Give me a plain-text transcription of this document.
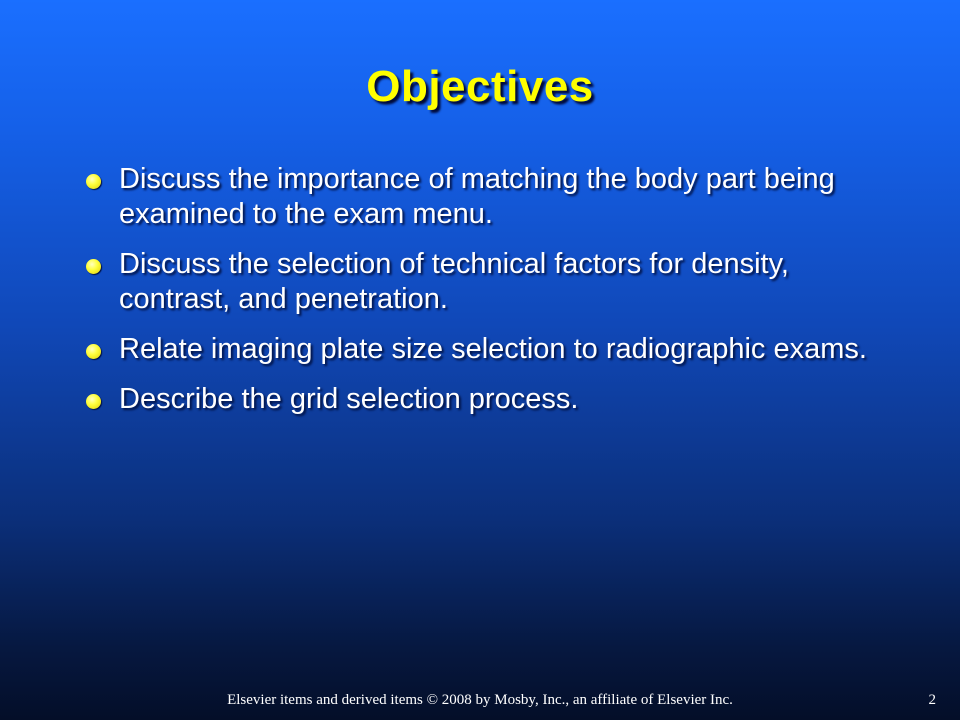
Objectives
Discuss the importance of matching the body part being examined to the exam menu.
Discuss the selection of technical factors for density, contrast, and penetration.
Relate imaging plate size selection to radiographic exams.
Describe the grid selection process.
Elsevier items and derived items © 2008 by Mosby, Inc., an affiliate of Elsevier Inc.	2
